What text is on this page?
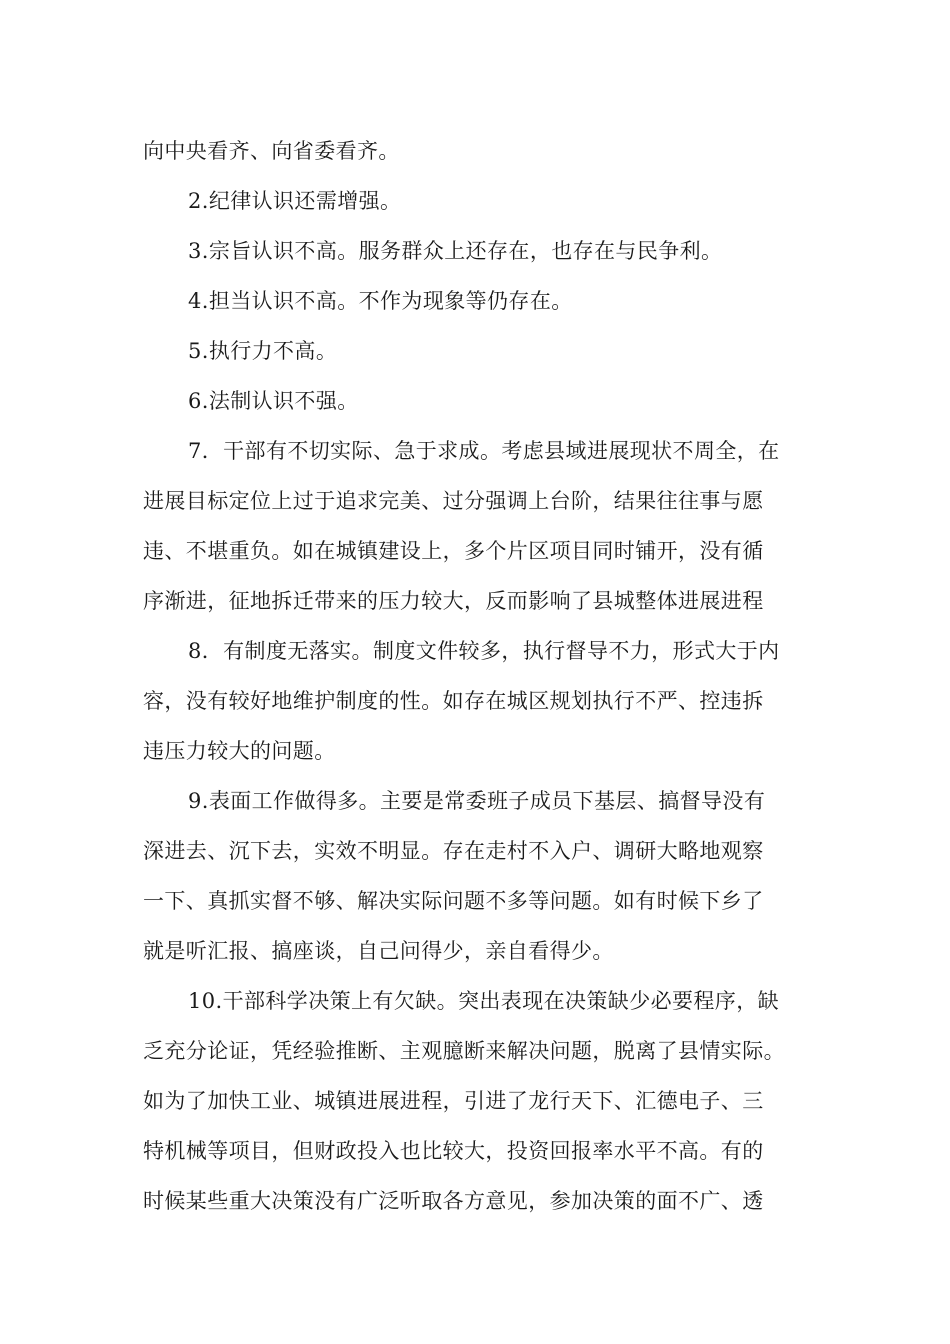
向中央看齐、向省委看齐。
2.纪律认识还需增强。
3.宗旨认识不高。服务群众上还存在，也存在与民争利。
4.担当认识不高。不作为现象等仍存在。
5.执行力不高。
6.法制认识不强。
7．干部有不切实际、急于求成。考虑县域进展现状不周全，在
进展目标定位上过于追求完美、过分强调上台阶，结果往往事与愿
违、不堪重负。如在城镇建设上，多个片区项目同时铺开，没有循
序渐进，征地拆迁带来的压力较大，反而影响了县城整体进展进程
8．有制度无落实。制度文件较多，执行督导不力，形式大于内
容，没有较好地维护制度的性。如存在城区规划执行不严、控违拆
违压力较大的问题。
9.表面工作做得多。主要是常委班子成员下基层、搞督导没有
深进去、沉下去，实效不明显。存在走村不入户、调研大略地观察
一下、真抓实督不够、解决实际问题不多等问题。如有时候下乡了
就是听汇报、搞座谈，自己问得少，亲自看得少。
10.干部科学决策上有欠缺。突出表现在决策缺少必要程序，缺
乏充分论证，凭经验推断、主观臆断来解决问题，脱离了县情实际。
如为了加快工业、城镇进展进程，引进了龙行天下、汇德电子、三
特机械等项目，但财政投入也比较大，投资回报率水平不高。有的
时候某些重大决策没有广泛听取各方意见，参加决策的面不广、透
